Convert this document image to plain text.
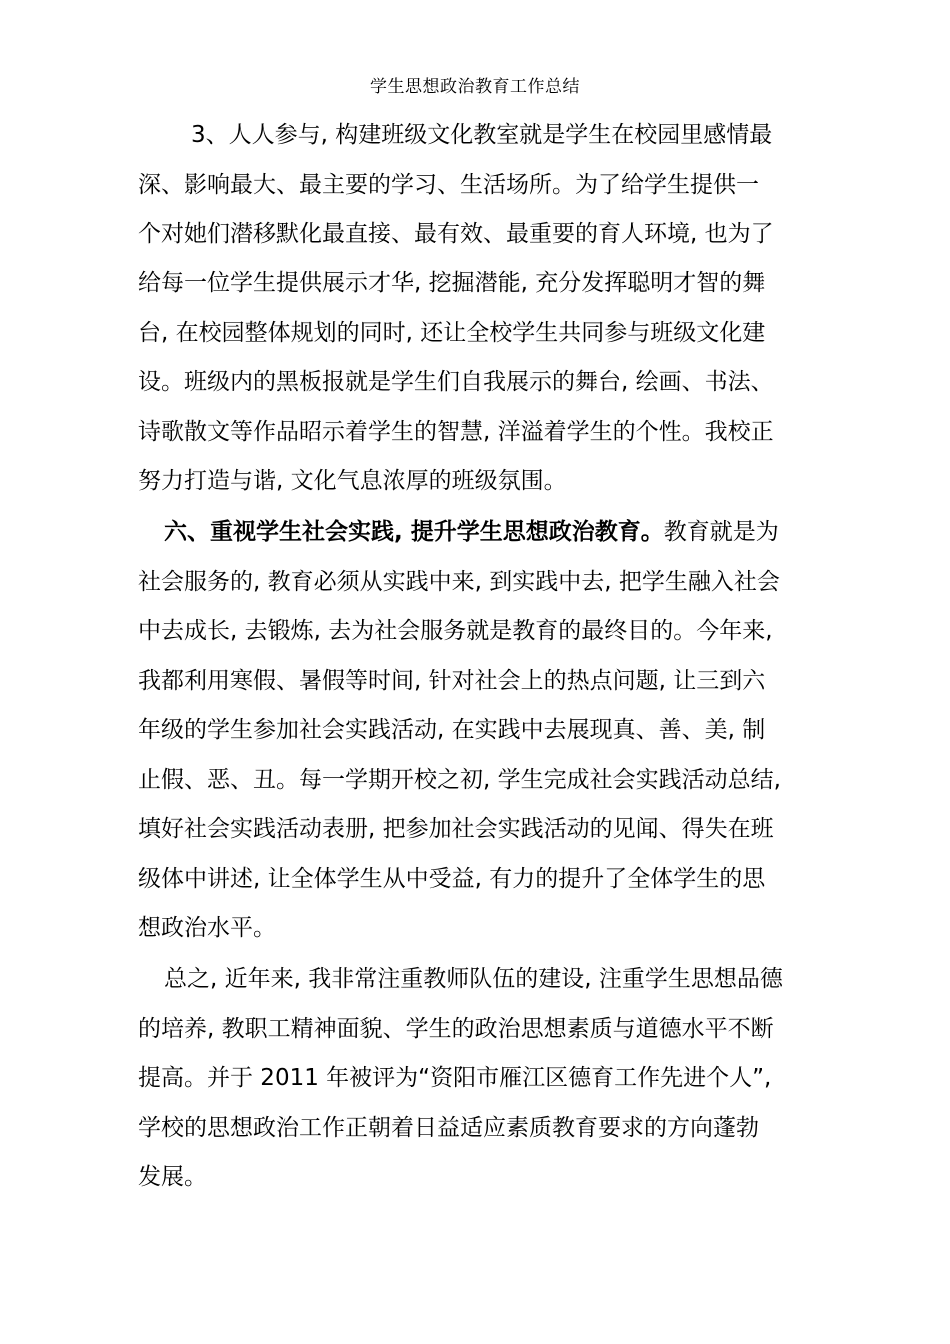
学生思想政治教育工作总结
　3、人人参与, 构建班级文化教室就是学生在校园里感情最
深、影响最大、最主要的学习、生活场所。为了给学生提供一
个对她们潜移默化最直接、最有效、最重要的育人环境, 也为了
给每一位学生提供展示才华, 挖掘潜能, 充分发挥聪明才智的舞
台, 在校园整体规划的同时, 还让全校学生共同参与班级文化建
设。班级内的黑板报就是学生们自我展示的舞台, 绘画、书法、
诗歌散文等作品昭示着学生的智慧, 洋溢着学生的个性。我校正
努力打造与谐, 文化气息浓厚的班级氛围。
六、重视学生社会实践, 提升学生思想政治教育。教育就是为
社会服务的, 教育必须从实践中来, 到实践中去, 把学生融入社会
中去成长, 去锻炼, 去为社会服务就是教育的最终目的。今年来,
我都利用寒假、暑假等时间, 针对社会上的热点问题, 让三到六
年级的学生参加社会实践活动, 在实践中去展现真、善、美, 制
止假、恶、丑。每一学期开校之初, 学生完成社会实践活动总结,
填好社会实践活动表册, 把参加社会实践活动的见闻、得失在班
级体中讲述, 让全体学生从中受益, 有力的提升了全体学生的思
想政治水平。
总之, 近年来, 我非常注重教师队伍的建设, 注重学生思想品德
的培养, 教职工精神面貌、学生的政治思想素质与道德水平不断
提高。并于 2011 年被评为“资阳市雁江区德育工作先进个人”,
学校的思想政治工作正朝着日益适应素质教育要求的方向蓬勃
发展。
